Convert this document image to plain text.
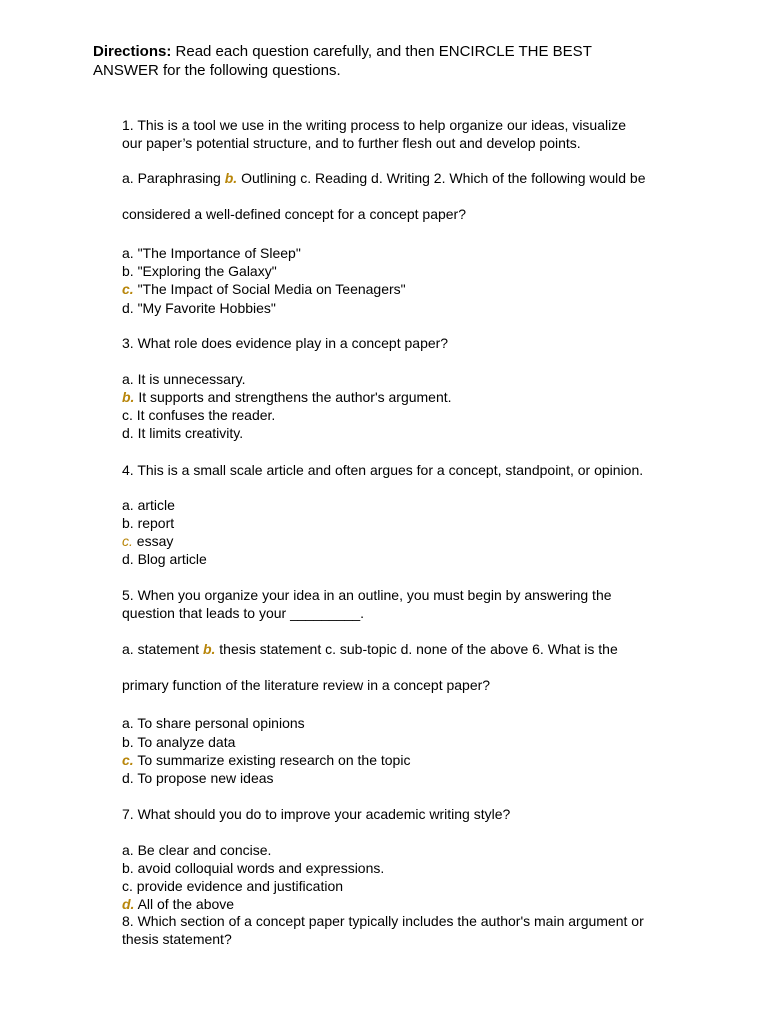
Directions: Read each question carefully, and then ENCIRCLE THE BEST
ANSWER for the following questions.
1. This is a tool we use in the writing process to help organize our ideas, visualize
our paper’s potential structure, and to further flesh out and develop points.
a. Paraphrasing b. Outlining c. Reading d. Writing 2. Which of the following would be
considered a well-defined concept for a concept paper?
a. "The Importance of Sleep"
b. "Exploring the Galaxy"
c. "The Impact of Social Media on Teenagers"
d. "My Favorite Hobbies"
3. What role does evidence play in a concept paper?
a. It is unnecessary.
b. It supports and strengthens the author's argument.
c. It confuses the reader.
d. It limits creativity.
4. This is a small scale article and often argues for a concept, standpoint, or opinion.
a. article
b. report
c. essay
d. Blog article
5. When you organize your idea in an outline, you must begin by answering the
question that leads to your _________.
a. statement b. thesis statement c. sub-topic d. none of the above 6. What is the
primary function of the literature review in a concept paper?
a. To share personal opinions
b. To analyze data
c. To summarize existing research on the topic
d. To propose new ideas
7. What should you do to improve your academic writing style?
a. Be clear and concise.
b. avoid colloquial words and expressions.
c. provide evidence and justification
d. All of the above
8. Which section of a concept paper typically includes the author's main argument or
thesis statement?
